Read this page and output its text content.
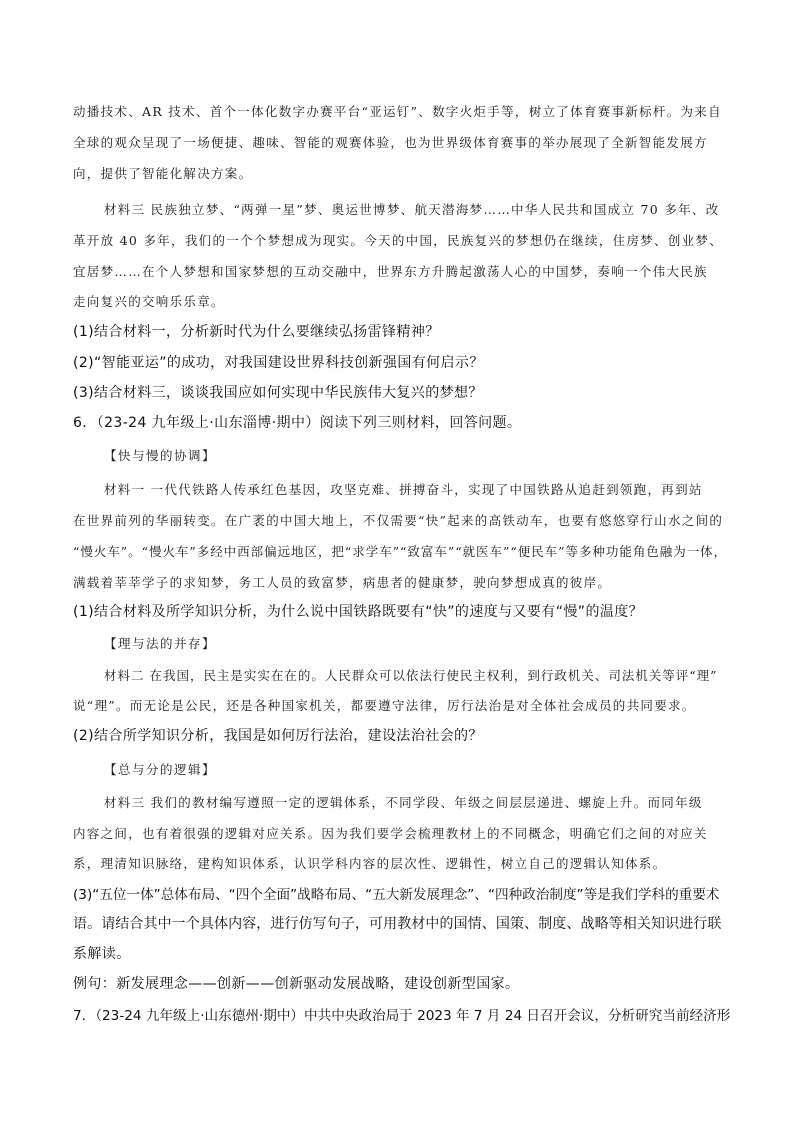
动播技术、AR 技术、首个一体化数字办赛平台“亚运钉”、数字火炬手等，树立了体育赛事新标杆。为来自

全球的观众呈现了一场便捷、趣味、智能的观赛体验，也为世界级体育赛事的举办展现了全新智能发展方

向，提供了智能化解决方案。

材料三 民族独立梦、“两弹一星”梦、奥运世博梦、航天潜海梦……中华人民共和国成立 70 多年、改

革开放 40 多年，我们的一个个梦想成为现实。今天的中国，民族复兴的梦想仍在继续，住房梦、创业梦、

宜居梦……在个人梦想和国家梦想的互动交融中，世界东方升腾起激荡人心的中国梦，奏响一个伟大民族

走向复兴的交响乐乐章。

(1)结合材料一，分析新时代为什么要继续弘扬雷锋精神？

(2)“智能亚运”的成功，对我国建设世界科技创新强国有何启示？

(3)结合材料三，谈谈我国应如何实现中华民族伟大复兴的梦想？

6．（23-24 九年级上·山东淄博·期中）阅读下列三则材料，回答问题。

【快与慢的协调】

材料一 一代代铁路人传承红色基因，攻坚克难、拼搏奋斗，实现了中国铁路从追赶到领跑，再到站

在世界前列的华丽转变。在广袤的中国大地上，不仅需要“快”起来的高铁动车，也要有悠悠穿行山水之间的

“慢火车”。“慢火车”多经中西部偏远地区，把“求学车”“致富车”“就医车”“便民车”等多种功能角色融为一体，

满载着莘莘学子的求知梦，务工人员的致富梦，病患者的健康梦，驶向梦想成真的彼岸。

(1)结合材料及所学知识分析，为什么说中国铁路既要有“快”的速度与又要有“慢”的温度？

【理与法的并存】

材料二 在我国，民主是实实在在的。人民群众可以依法行使民主权利，到行政机关、司法机关等评“理”

说“理”。而无论是公民，还是各种国家机关，都要遵守法律，厉行法治是对全体社会成员的共同要求。

(2)结合所学知识分析，我国是如何厉行法治，建设法治社会的？

【总与分的逻辑】

材料三 我们的教材编写遵照一定的逻辑体系，不同学段、年级之间层层递进、螺旋上升。而同年级

内容之间，也有着很强的逻辑对应关系。因为我们要学会梳理教材上的不同概念，明确它们之间的对应关

系，理清知识脉络，建构知识体系，认识学科内容的层次性、逻辑性，树立自己的逻辑认知体系。

(3)“五位一体”总体布局、“四个全面”战略布局、“五大新发展理念”、“四种政治制度”等是我们学科的重要术

语。请结合其中一个具体内容，进行仿写句子，可用教材中的国情、国策、制度、战略等相关知识进行联

系解读。

例句：新发展理念——创新——创新驱动发展战略，建设创新型国家。

7．（23-24 九年级上·山东德州·期中）中共中央政治局于 2023 年 7 月 24 日召开会议，分析研究当前经济形
